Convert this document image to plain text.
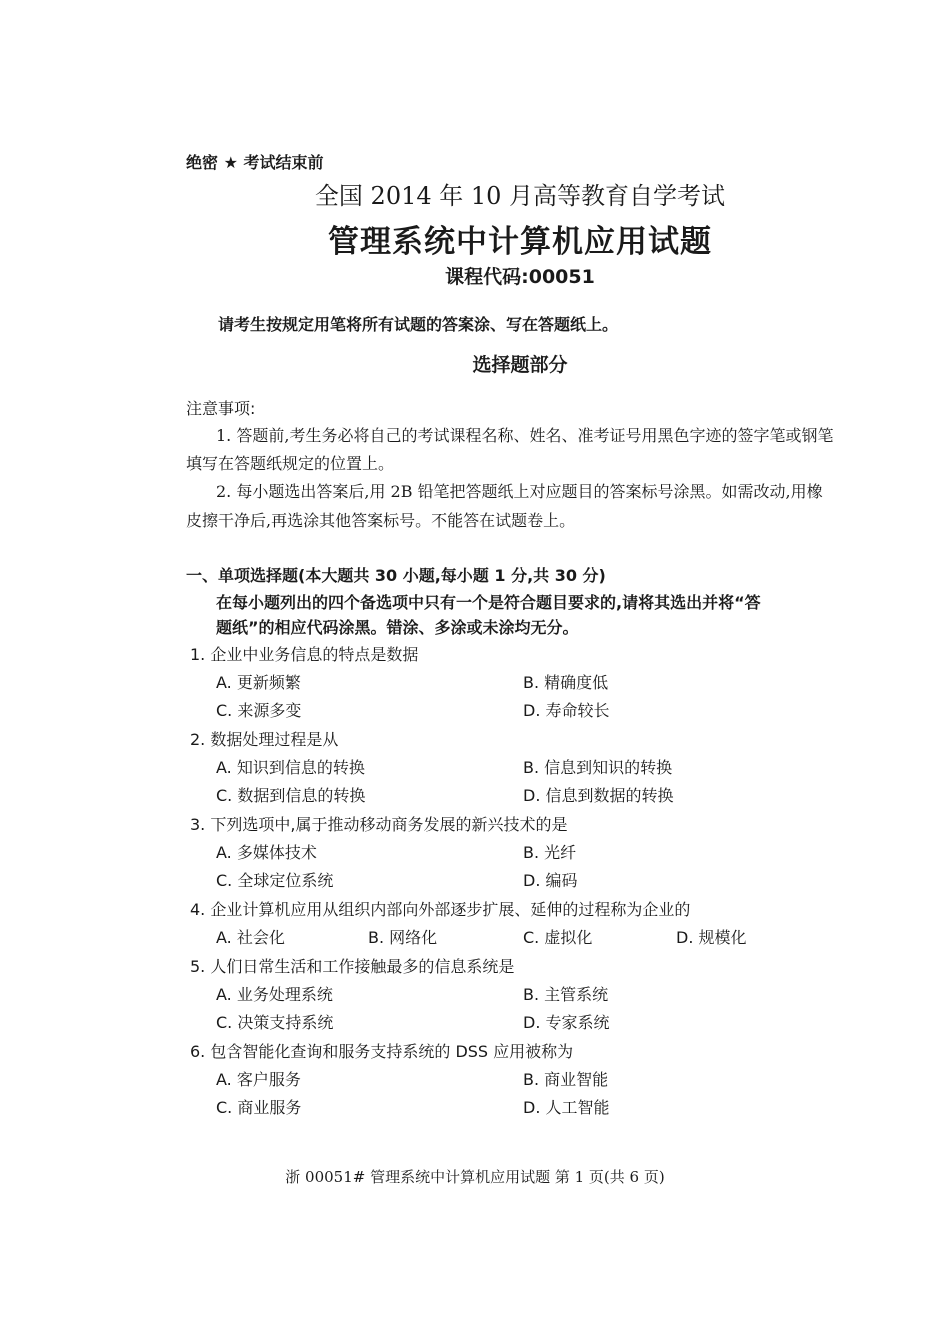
绝密 ★ 考试结束前
全国 2014 年 10 月高等教育自学考试
管理系统中计算机应用试题
课程代码:00051
请考生按规定用笔将所有试题的答案涂、写在答题纸上。
选择题部分
注意事项:
1. 答题前,考生务必将自己的考试课程名称、姓名、准考证号用黑色字迹的签字笔或钢笔
填写在答题纸规定的位置上。
2. 每小题选出答案后,用 2B 铅笔把答题纸上对应题目的答案标号涂黑。如需改动,用橡
皮擦干净后,再选涂其他答案标号。不能答在试题卷上。
一、单项选择题(本大题共 30 小题,每小题 1 分,共 30 分)
在每小题列出的四个备选项中只有一个是符合题目要求的,请将其选出并将“答
题纸”的相应代码涂黑。错涂、多涂或未涂均无分。
1. 企业中业务信息的特点是数据
A. 更新频繁	B. 精确度低
C. 来源多变	D. 寿命较长
2. 数据处理过程是从
A. 知识到信息的转换	B. 信息到知识的转换
C. 数据到信息的转换	D. 信息到数据的转换
3. 下列选项中,属于推动移动商务发展的新兴技术的是
A. 多媒体技术	B. 光纤
C. 全球定位系统	D. 编码
4. 企业计算机应用从组织内部向外部逐步扩展、延伸的过程称为企业的
A. 社会化	B. 网络化	C. 虚拟化	D. 规模化
5. 人们日常生活和工作接触最多的信息系统是
A. 业务处理系统	B. 主管系统
C. 决策支持系统	D. 专家系统
6. 包含智能化查询和服务支持系统的 DSS 应用被称为
A. 客户服务	B. 商业智能
C. 商业服务	D. 人工智能
浙 00051# 管理系统中计算机应用试题 第 1 页(共 6 页)
